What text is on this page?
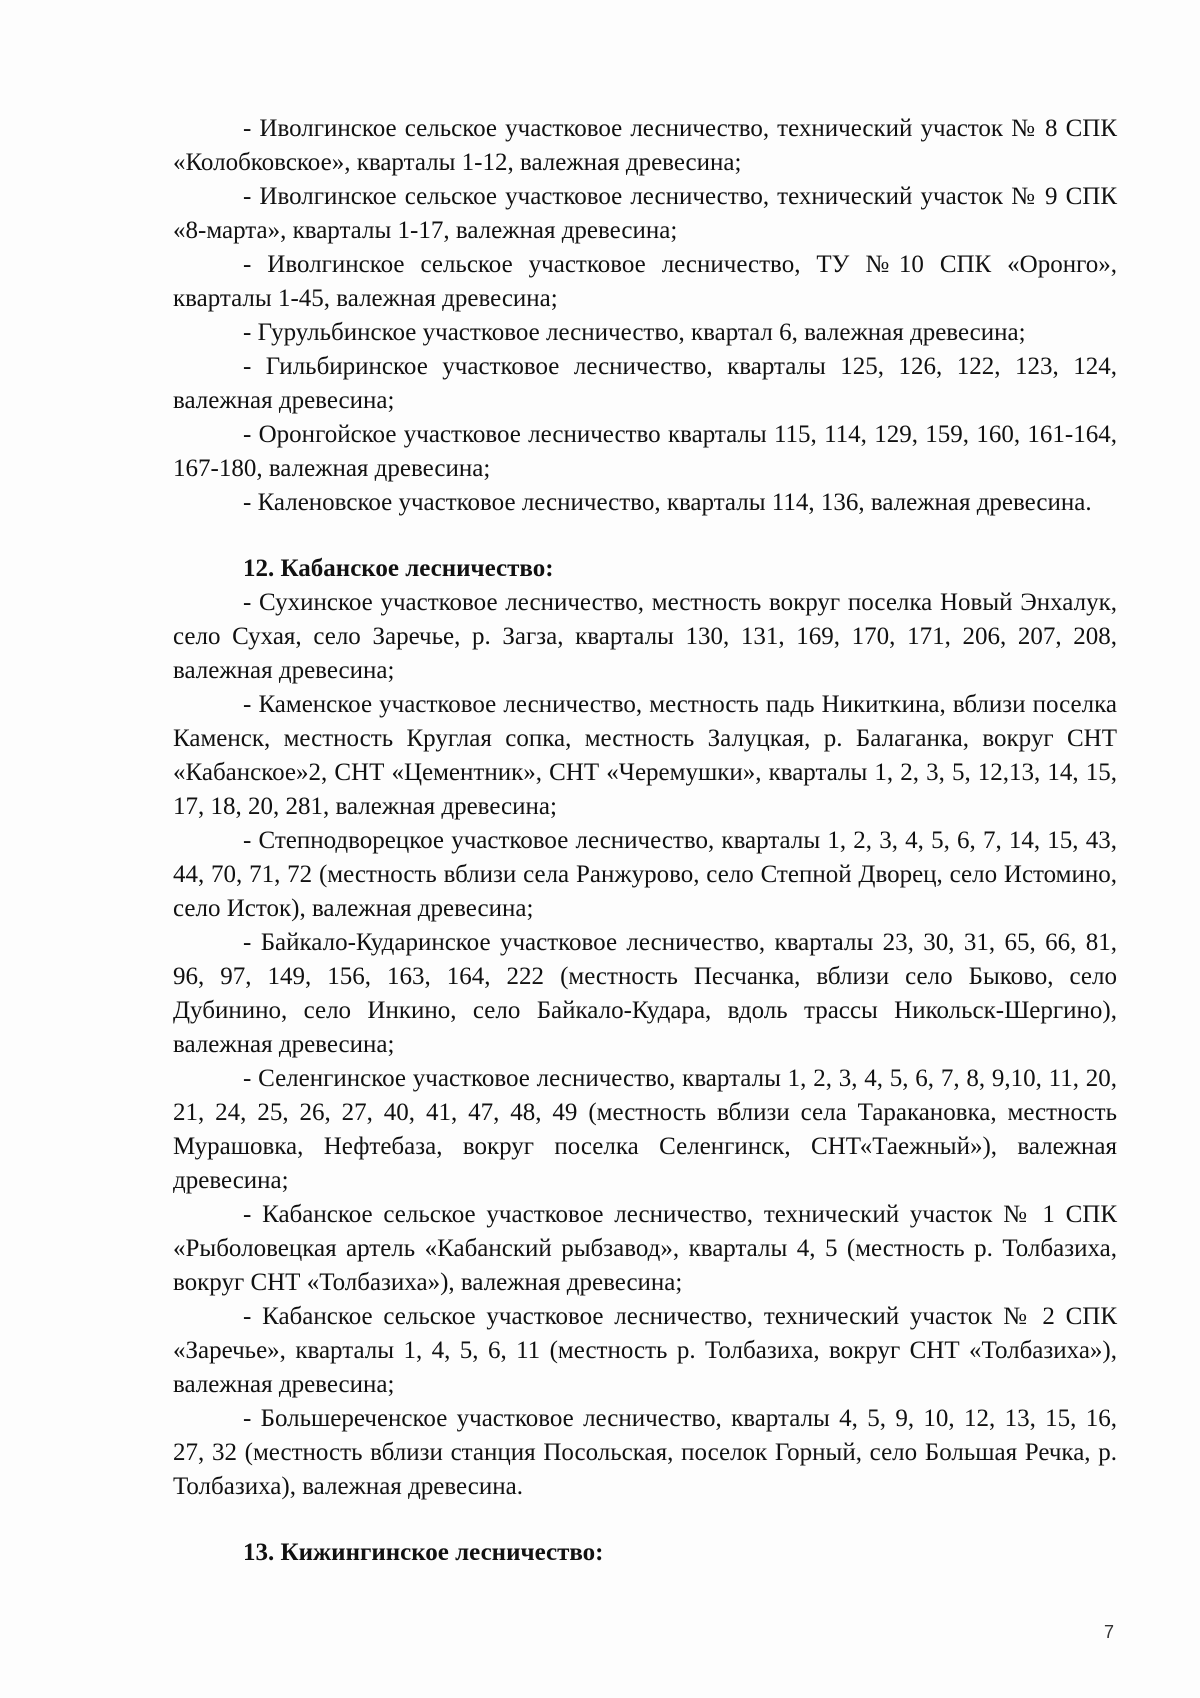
- Иволгинское сельское участковое лесничество, технический участок № 8 СПК «Колобковское», кварталы 1-12, валежная древесина;

- Иволгинское сельское участковое лесничество, технический участок № 9 СПК «8-марта», кварталы 1-17, валежная древесина;

- Иволгинское сельское участковое лесничество, ТУ №10 СПК «Оронго», кварталы 1-45, валежная древесина;

- Гурульбинское участковое лесничество, квартал 6, валежная древесина;

- Гильбиринское участковое лесничество, кварталы 125, 126, 122, 123, 124, валежная древесина;

- Оронгойское участковое лесничество кварталы 115, 114, 129, 159, 160, 161-164, 167-180, валежная древесина;

- Каленовское участковое лесничество, кварталы 114, 136, валежная древесина.

12. Кабанское лесничество:

- Сухинское участковое лесничество, местность вокруг поселка Новый Энхалук, село Сухая, село Заречье, р. Загза, кварталы 130, 131, 169, 170, 171, 206, 207, 208, валежная древесина;

- Каменское участковое лесничество, местность падь Никиткина, вблизи поселка Каменск, местность Круглая сопка, местность Залуцкая, р. Балаганка, вокруг СНТ «Кабанское»2, СНТ «Цементник», СНТ «Черемушки», кварталы 1, 2, 3, 5, 12,13, 14, 15, 17, 18, 20, 281, валежная древесина;

- Степнодворецкое участковое лесничество, кварталы 1, 2, 3, 4, 5, 6, 7, 14, 15, 43, 44, 70, 71, 72 (местность вблизи села Ранжурово, село Степной Дворец, село Истомино, село Исток), валежная древесина;

- Байкало-Кударинское участковое лесничество, кварталы 23, 30, 31, 65, 66, 81, 96, 97, 149, 156, 163, 164, 222 (местность Песчанка, вблизи село Быково, село Дубинино, село Инкино, село Байкало-Кудара, вдоль трассы Никольск-Шергино), валежная древесина;

- Селенгинское участковое лесничество, кварталы 1, 2, 3, 4, 5, 6, 7, 8, 9,10, 11, 20, 21, 24, 25, 26, 27, 40, 41, 47, 48, 49 (местность вблизи села Таракановка, местность Мурашовка, Нефтебаза, вокруг поселка Селенгинск, СНТ«Таежный»), валежная древесина;

- Кабанское сельское участковое лесничество, технический участок № 1 СПК «Рыболовецкая артель «Кабанский рыбзавод», кварталы 4, 5 (местность р. Толбазиха, вокруг СНТ «Толбазиха»), валежная древесина;

- Кабанское сельское участковое лесничество, технический участок № 2 СПК «Заречье», кварталы 1, 4, 5, 6, 11 (местность р. Толбазиха, вокруг СНТ «Толбазиха»), валежная древесина;

- Большереченское участковое лесничество, кварталы 4, 5, 9, 10, 12, 13, 15, 16, 27, 32 (местность вблизи станция Посольская, поселок Горный, село Большая Речка, р. Толбазиха), валежная древесина.

13. Кижингинское лесничество:

7
